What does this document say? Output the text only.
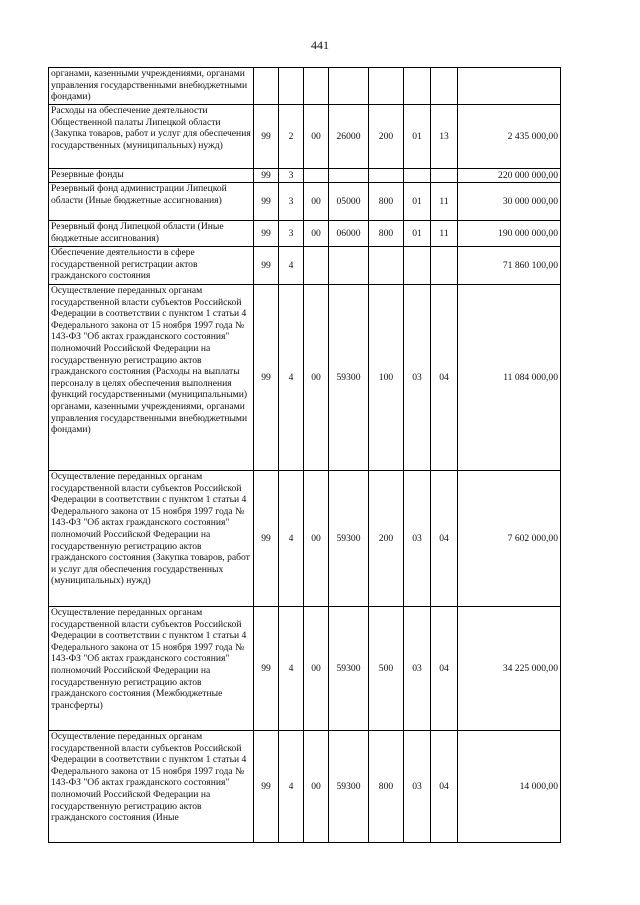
441
органами, казенными учреждениями, органами управления государственными внебюджетными фондами)								
Расходы на обеспечение деятельности Общественной палаты Липецкой области (Закупка товаров, работ и услуг для обеспечения государственных (муниципальных) нужд)	99	2	00	26000	200	01	13	2 435 000,00
Резервные фонды	99	3						220 000 000,00
Резервный фонд администрации Липецкой области (Иные бюджетные ассигнования)	99	3	00	05000	800	01	11	30 000 000,00
Резервный фонд Липецкой области (Иные бюджетные ассигнования)	99	3	00	06000	800	01	11	190 000 000,00
Обеспечение деятельности в сфере государственной регистрации актов гражданского состояния	99	4						71 860 100,00
Осуществление переданных органам государственной власти субъектов Российской Федерации в соответствии с пунктом 1 статьи 4 Федерального закона от 15 ноября 1997 года № 143-ФЗ "Об актах гражданского состояния" полномочий Российской Федерации на государственную регистрацию актов гражданского состояния (Расходы на выплаты персоналу в целях обеспечения выполнения функций государственными (муниципальными) органами, казенными учреждениями, органами управления государственными внебюджетными фондами)	99	4	00	59300	100	03	04	11 084 000,00
Осуществление переданных органам государственной власти субъектов Российской Федерации в соответствии с пунктом 1 статьи 4 Федерального закона от 15 ноября 1997 года № 143-ФЗ "Об актах гражданского состояния" полномочий Российской Федерации на государственную регистрацию актов гражданского состояния (Закупка товаров, работ и услуг для обеспечения государственных (муниципальных) нужд)	99	4	00	59300	200	03	04	7 602 000,00
Осуществление переданных органам государственной власти субъектов Российской Федерации в соответствии с пунктом 1 статьи 4 Федерального закона от 15 ноября 1997 года № 143-ФЗ "Об актах гражданского состояния" полномочий Российской Федерации на государственную регистрацию актов гражданского состояния (Межбюджетные трансферты)	99	4	00	59300	500	03	04	34 225 000,00
Осуществление переданных органам государственной власти субъектов Российской Федерации в соответствии с пунктом 1 статьи 4 Федерального закона от 15 ноября 1997 года № 143-ФЗ "Об актах гражданского состояния" полномочий Российской Федерации на государственную регистрацию актов гражданского состояния (Иные	99	4	00	59300	800	03	04	14 000,00
